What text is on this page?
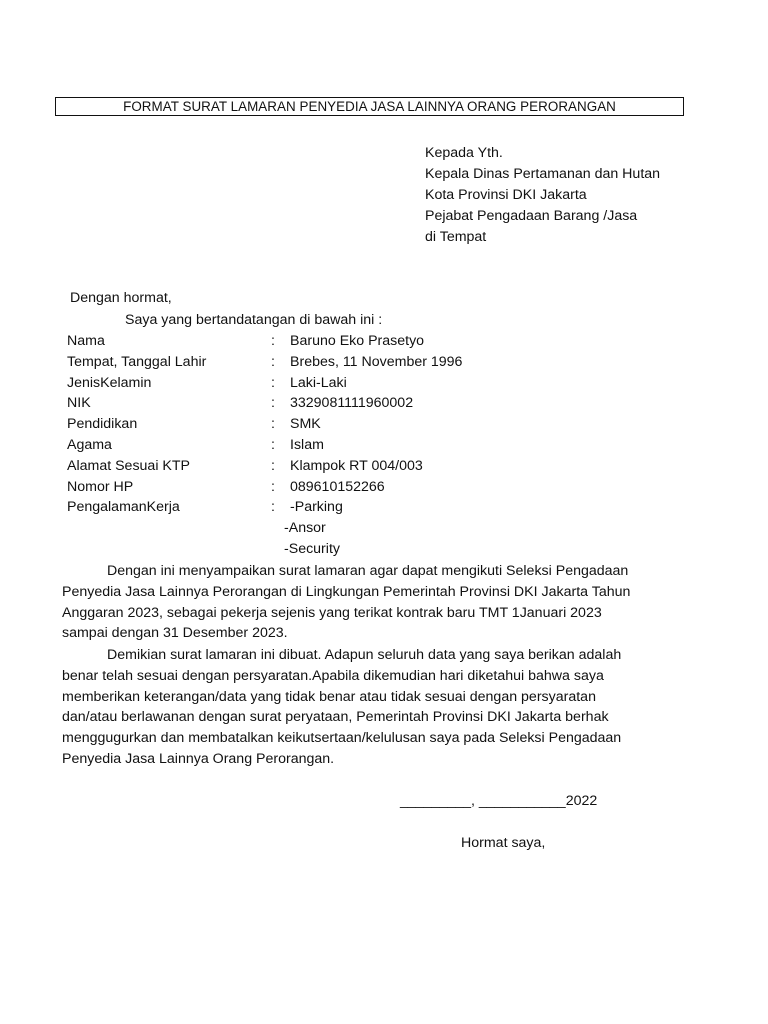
FORMAT SURAT LAMARAN PENYEDIA JASA LAINNYA ORANG PERORANGAN
Kepada Yth.
Kepala Dinas Pertamanan dan Hutan
Kota Provinsi DKI Jakarta
Pejabat Pengadaan Barang /Jasa
di Tempat
Dengan hormat,
Saya yang bertandatangan di bawah ini :
Nama	: Baruno Eko Prasetyo
Tempat, Tanggal Lahir	: Brebes, 11 November 1996
JenisKelamin	: Laki-Laki
NIK	: 3329081111960002
Pendidikan	: SMK
Agama	: Islam
Alamat Sesuai KTP	: Klampok RT 004/003
Nomor HP	: 089610152266
PengalamanKerja	: -Parking
-Ansor
-Security
Dengan ini menyampaikan surat lamaran agar dapat mengikuti Seleksi Pengadaan
Penyedia Jasa Lainnya Perorangan di Lingkungan Pemerintah Provinsi DKI Jakarta Tahun
Anggaran 2023, sebagai pekerja sejenis yang terikat kontrak baru TMT 1Januari 2023
sampai dengan 31 Desember 2023.
Demikian surat lamaran ini dibuat. Adapun seluruh data yang saya berikan adalah
benar telah sesuai dengan persyaratan.Apabila dikemudian hari diketahui bahwa saya
memberikan keterangan/data yang tidak benar atau tidak sesuai dengan persyaratan
dan/atau berlawanan dengan surat peryataan, Pemerintah Provinsi DKI Jakarta berhak
menggugurkan dan membatalkan keikutsertaan/kelulusan saya pada Seleksi Pengadaan
Penyedia Jasa Lainnya Orang Perorangan.
_________, ___________2022
Hormat saya,
